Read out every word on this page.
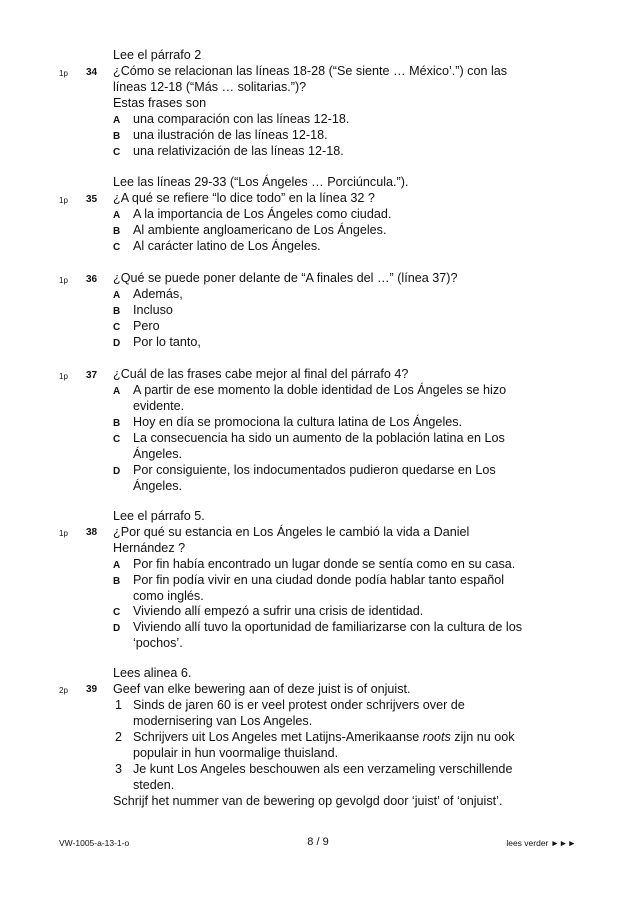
Lee el párrafo 2
1p 34 ¿Cómo se relacionan las líneas 18-28 (“Se siente … México’.”) con las
líneas 12-18 (“Más … solitarias.”)?
Estas frases son
A una comparación con las líneas 12-18.
B una ilustración de las líneas 12-18.
C una relativización de las líneas 12-18.
Lee las líneas 29-33 (“Los Ángeles … Porciúncula.”).
1p 35 ¿A qué se refiere “lo dice todo” en la línea 32 ?
A A la importancia de Los Ángeles como ciudad.
B Al ambiente angloamericano de Los Ángeles.
C Al carácter latino de Los Ángeles.
1p 36 ¿Qué se puede poner delante de “A finales del …” (línea 37)?
A Además,
B Incluso
C Pero
D Por lo tanto,
1p 37 ¿Cuál de las frases cabe mejor al final del párrafo 4?
A A partir de ese momento la doble identidad de Los Ángeles se hizo
evidente.
B Hoy en día se promociona la cultura latina de Los Ángeles.
C La consecuencia ha sido un aumento de la población latina en Los
Ángeles.
D Por consiguiente, los indocumentados pudieron quedarse en Los
Ángeles.
Lee el párrafo 5.
1p 38 ¿Por qué su estancia en Los Ángeles le cambió la vida a Daniel
Hernández ?
A Por fin había encontrado un lugar donde se sentía como en su casa.
B Por fin podía vivir en una ciudad donde podía hablar tanto español
como inglés.
C Viviendo allí empezó a sufrir una crisis de identidad.
D Viviendo allí tuvo la oportunidad de familiarizarse con la cultura de los
‘pochos’.
Lees alinea 6.
2p 39 Geef van elke bewering aan of deze juist is of onjuist.
1 Sinds de jaren 60 is er veel protest onder schrijvers over de
modernisering van Los Angeles.
2 Schrijvers uit Los Angeles met Latijns-Amerikaanse roots zijn nu ook
populair in hun voormalige thuisland.
3 Je kunt Los Angeles beschouwen als een verzameling verschillende
steden.
Schrijf het nummer van de bewering op gevolgd door ‘juist’ of ‘onjuist’.
VW-1005-a-13-1-o	8 / 9	lees verder ►►►
